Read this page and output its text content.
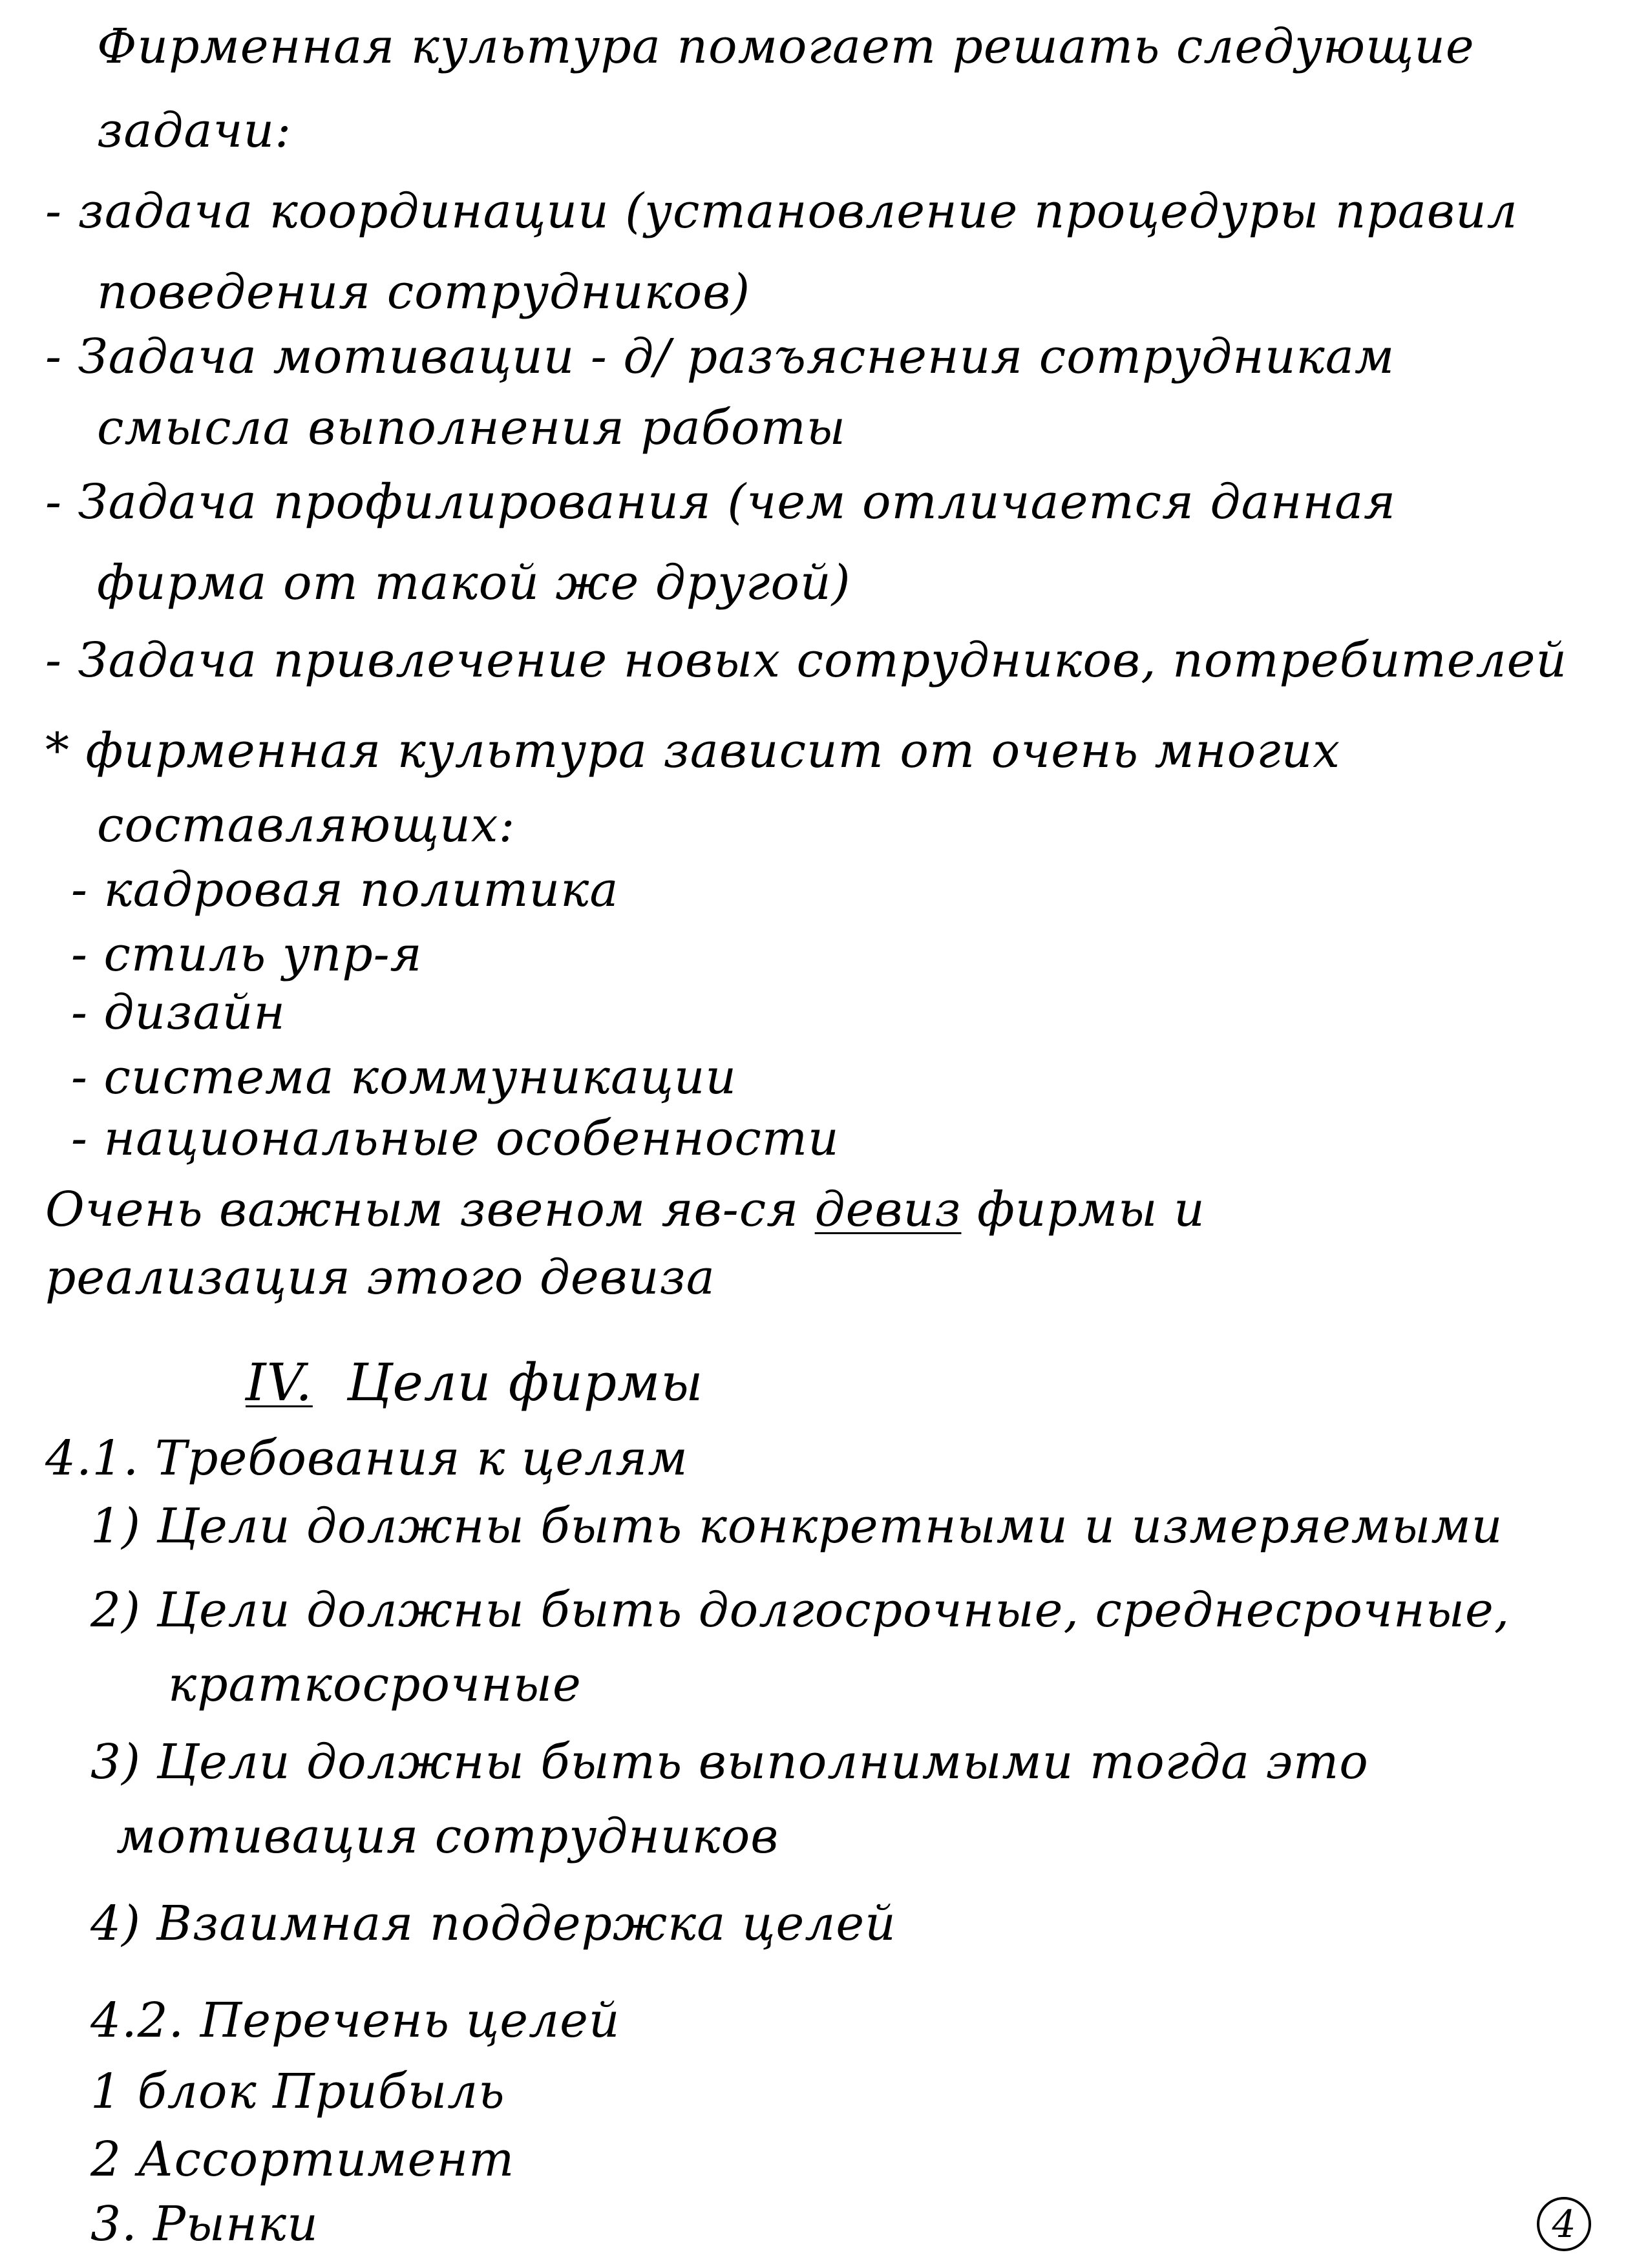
Фирменная культура помогает решать следующие
задачи:
- задача координации (установление процедуры правил
поведения сотрудников)
- Задача мотивации - д/ разъяснения сотрудникам
смысла выполнения работы
- Задача профилирования (чем отличается данная
фирма от такой же другой)
- Задача привлечение новых сотрудников, потребителей
* фирменная культура зависит от очень многих
составляющих:
- кадровая политика
- стиль упр-я
- дизайн
- система коммуникации
- национальные особенности
Очень важным звеном яв-ся девиз фирмы и
реализация этого девиза
IV. Цели фирмы
4.1. Требования к целям
1) Цели должны быть конкретными и измеряемыми
2) Цели должны быть долгосрочные, среднесрочные,
краткосрочные
3) Цели должны быть выполнимыми тогда это
мотивация сотрудников
4) Взаимная поддержка целей
4.2. Перечень целей
1 блок Прибыль
2 Ассортимент
3. Рынки	4
